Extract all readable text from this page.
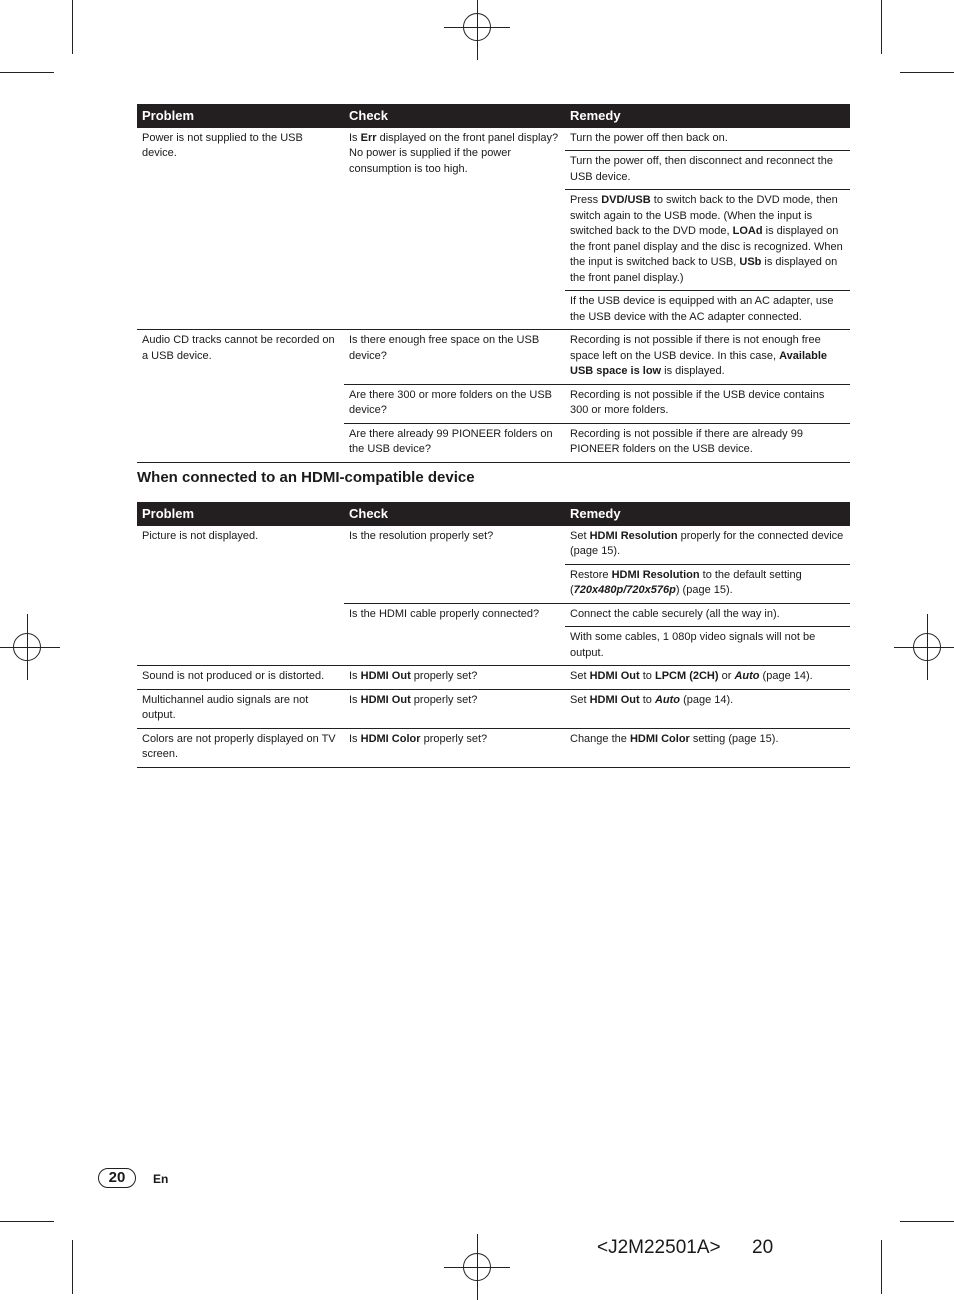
Problem	Check	Remedy
Power is not supplied to the USB device.	Is Err displayed on the front panel display? No power is supplied if the power consumption is too high.	Turn the power off then back on.
		Turn the power off, then disconnect and reconnect the USB device.
		Press DVD/USB to switch back to the DVD mode, then switch again to the USB mode. (When the input is switched back to the DVD mode, LOAd is displayed on the front panel display and the disc is recognized. When the input is switched back to USB, USb is displayed on the front panel display.)
		If the USB device is equipped with an AC adapter, use the USB device with the AC adapter connected.
Audio CD tracks cannot be recorded on a USB device.	Is there enough free space on the USB device?	Recording is not possible if there is not enough free space left on the USB device. In this case, Available USB space is low is displayed.
	Are there 300 or more folders on the USB device?	Recording is not possible if the USB device contains 300 or more folders.
	Are there already 99 PIONEER folders on the USB device?	Recording is not possible if there are already 99 PIONEER folders on the USB device.
When connected to an HDMI-compatible device
Problem	Check	Remedy
Picture is not displayed.	Is the resolution properly set?	Set HDMI Resolution properly for the connected device (page 15).
		Restore HDMI Resolution to the default setting (720x480p/720x576p) (page 15).
	Is the HDMI cable properly connected?	Connect the cable securely (all the way in).
		With some cables, 1 080p video signals will not be output.
Sound is not produced or is distorted.	Is HDMI Out properly set?	Set HDMI Out to LPCM (2CH) or Auto (page 14).
Multichannel audio signals are not output.	Is HDMI Out properly set?	Set HDMI Out to Auto (page 14).
Colors are not properly displayed on TV screen.	Is HDMI Color properly set?	Change the HDMI Color setting (page 15).
20	En
<J2M22501A> 20
